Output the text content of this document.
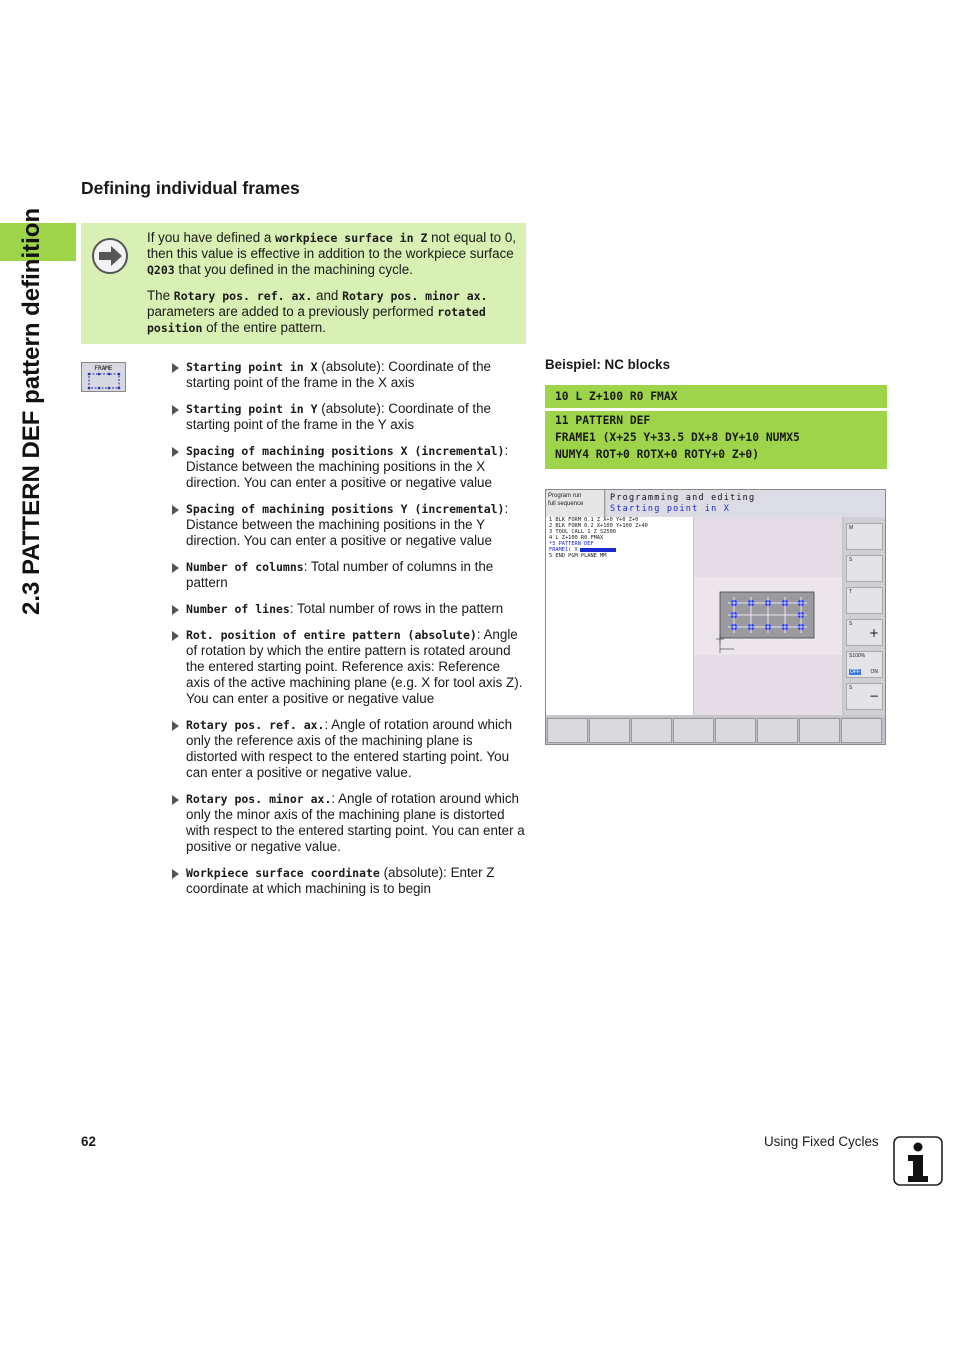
2.3 PATTERN DEF pattern definition
Defining individual frames

If you have defined a workpiece surface in Z not equal to 0, then this value is effective in addition to the workpiece surface Q203 that you defined in the machining cycle.

The Rotary pos. ref. ax. and Rotary pos. minor ax. parameters are added to a previously performed rotated position of the entire pattern.

FRAME	Starting point in X (absolute): Coordinate of the starting point of the frame in the X axis
Starting point in Y (absolute): Coordinate of the starting point of the frame in the Y axis
Spacing of machining positions X (incremental): Distance between the machining positions in the X direction. You can enter a positive or negative value
Spacing of machining positions Y (incremental): Distance between the machining positions in the Y direction. You can enter a positive or negative value
Number of columns: Total number of columns in the pattern
Number of lines: Total number of rows in the pattern
Rot. position of entire pattern (absolute): Angle of rotation by which the entire pattern is rotated around the entered starting point. Reference axis: Reference axis of the active machining plane (e.g. X for tool axis Z). You can enter a positive or negative value
Rotary pos. ref. ax.: Angle of rotation around which only the reference axis of the machining plane is distorted with respect to the entered starting point. You can enter a positive or negative value.
Rotary pos. minor ax.: Angle of rotation around which only the minor axis of the machining plane is distorted with respect to the entered starting point. You can enter a positive or negative value.
Workpiece surface coordinate (absolute): Enter Z coordinate at which machining is to begin
Beispiel: NC blocks
10 L Z+100 R0 FMAX
11 PATTERN DEF
FRAME1 (X+25 Y+33.5 DX+8 DY+10 NUMX5
NUMY4 ROT+0 ROTX+0 ROTY+0 Z+0)
Program run
full sequence
Programming and editing
Starting point in X
1 BLK FORM 0.1 Z X+0 Y+0 Z+0
2 BLK FORM 0.2 X+100 Y+100 Z+40
3 TOOL CALL 1 Z S2500
4 L Z+100 R0 FMAX
*5 PATTERN DEF
FRAME1( X
5 END PGM PLANE MM
M
S
T
S
+
S100%
OFF ON
S
−
62	Using Fixed Cycles
